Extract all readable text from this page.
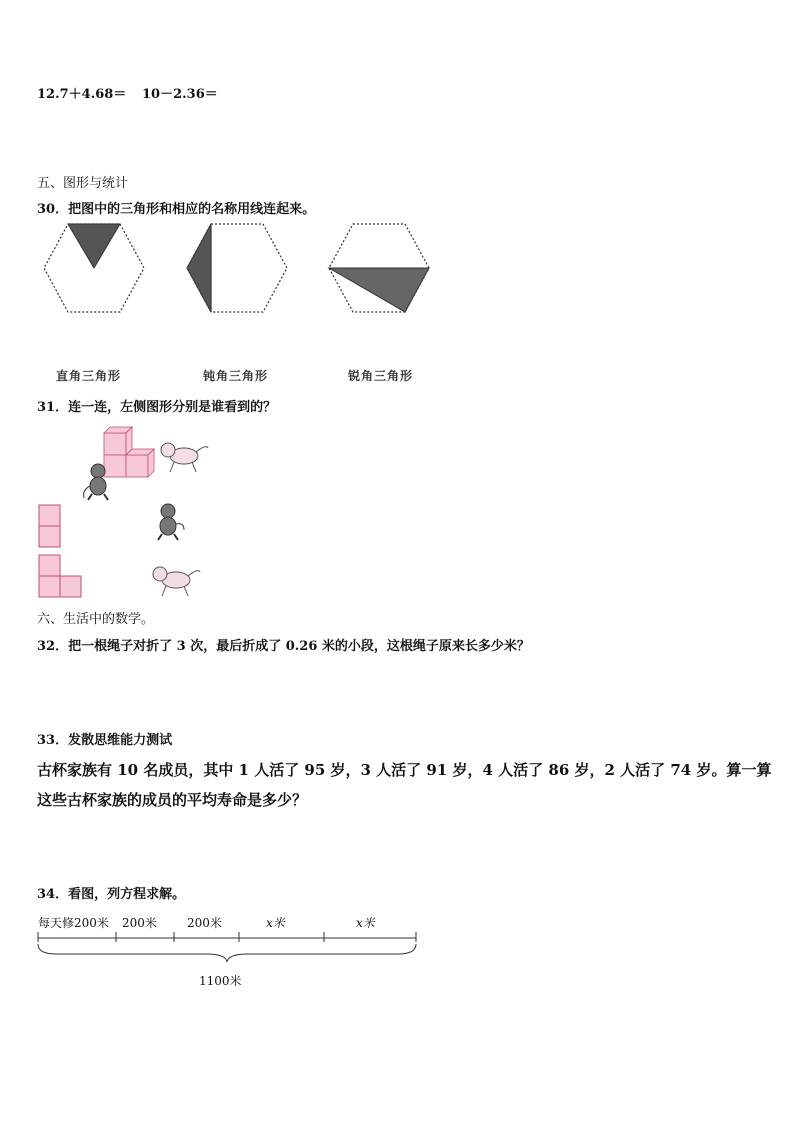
12.7＋4.68＝ 10－2.36＝
五、图形与统计
30．把图中的三角形和相应的名称用线连起来。
直角三角形	钝角三角形	锐角三角形
31．连一连，左侧图形分别是谁看到的？
六、生活中的数学。
32．把一根绳子对折了 3 次，最后折成了 0.26 米的小段，这根绳子原来长多少米？
33．发散思维能力测试
古杯家族有 10 名成员，其中 1 人活了 95 岁，3 人活了 91 岁，4 人活了 86 岁，2 人活了 74 岁。算一算
这些古杯家族的成员的平均寿命是多少？
34．看图，列方程求解。
每天修200米 200米	200米	x米	x米
1100米
